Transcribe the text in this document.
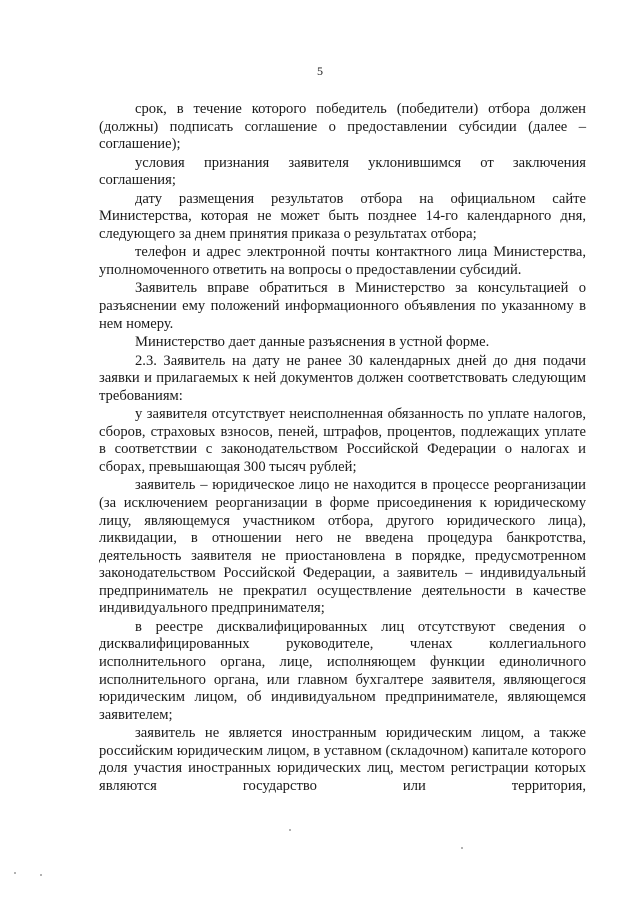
5

срок, в течение которого победитель (победители) отбора должен (должны) подписать соглашение о предоставлении субсидии (далее – соглашение);

условия признания заявителя уклонившимся от заключения соглашения;

дату размещения результатов отбора на официальном сайте Министерства, которая не может быть позднее 14-го календарного дня, следующего за днем принятия приказа о результатах отбора;

телефон и адрес электронной почты контактного лица Министерства, уполномоченного ответить на вопросы о предоставлении субсидий.

Заявитель вправе обратиться в Министерство за консультацией о разъяснении ему положений информационного объявления по указанному в нем номеру.

Министерство дает данные разъяснения в устной форме.

2.3. Заявитель на дату не ранее 30 календарных дней до дня подачи заявки и прилагаемых к ней документов должен соответствовать следующим требованиям:

у заявителя отсутствует неисполненная обязанность по уплате налогов, сборов, страховых взносов, пеней, штрафов, процентов, подлежащих уплате в соответствии с законодательством Российской Федерации о налогах и сборах, превышающая 300 тысяч рублей;

заявитель – юридическое лицо не находится в процессе реорганизации (за исключением реорганизации в форме присоединения к юридическому лицу, являющемуся участником отбора, другого юридического лица), ликвидации, в отношении него не введена процедура банкротства, деятельность заявителя не приостановлена в порядке, предусмотренном законодательством Российской Федерации, а заявитель – индивидуальный предприниматель не прекратил осуществление деятельности в качестве индивидуального предпринимателя;

в реестре дисквалифицированных лиц отсутствуют сведения о дисквалифицированных руководителе, членах коллегиального исполнительного органа, лице, исполняющем функции единоличного исполнительного органа, или главном бухгалтере заявителя, являющегося юридическим лицом, об индивидуальном предпринимателе, являющемся заявителем;

заявитель не является иностранным юридическим лицом, а также российским юридическим лицом, в уставном (складочном) капитале которого доля участия иностранных юридических лиц, местом регистрации которых являются государство или территория,
